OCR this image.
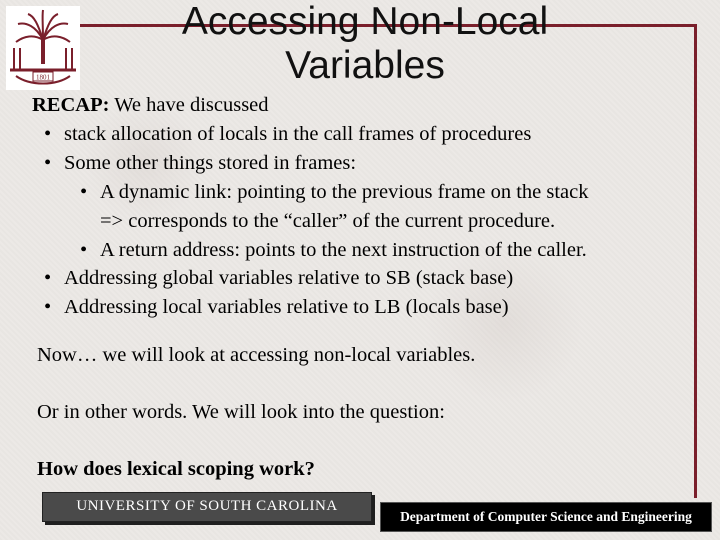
1801
Accessing Non-Local
Variables
RECAP: We have discussed
• stack allocation of locals in the call frames of procedures
• Some other things stored in frames:
• A dynamic link: pointing to the previous frame on the stack
=> corresponds to the “caller” of the current procedure.
• A return address: points to the next instruction of the caller.
• Addressing global variables relative to SB (stack base)
• Addressing local variables relative to LB (locals base)
Now… we will look at accessing non-local variables.
Or in other words. We will look into the question:
How does lexical scoping work?
UNIVERSITY OF SOUTH CAROLINA
Department of Computer Science and Engineering
